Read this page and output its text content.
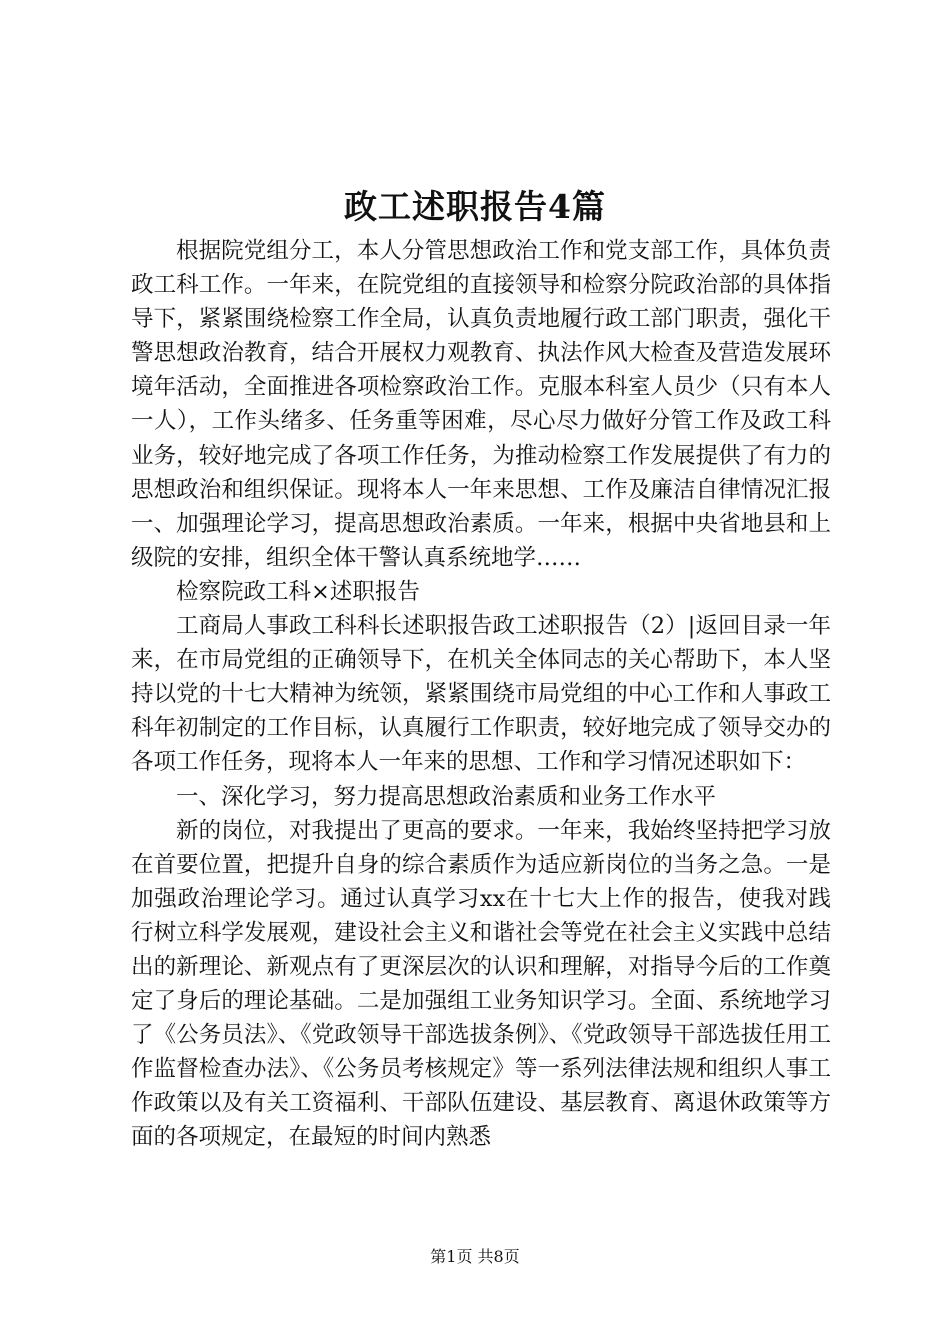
政工述职报告4篇

根据院党组分工，本人分管思想政治工作和党支部工作，具体负责政工科工作。一年来，在院党组的直接领导和检察分院政治部的具体指导下，紧紧围绕检察工作全局，认真负责地履行政工部门职责，强化干警思想政治教育，结合开展权力观教育、执法作风大检查及营造发展环境年活动，全面推进各项检察政治工作。克服本科室人员少（只有本人一人），工作头绪多、任务重等困难，尽心尽力做好分管工作及政工科业务，较好地完成了各项工作任务，为推动检察工作发展提供了有力的思想政治和组织保证。现将本人一年来思想、工作及廉洁自律情况汇报一、加强理论学习，提高思想政治素质。一年来，根据中央省地县和上级院的安排，组织全体干警认真系统地学……

检察院政工科×述职报告

工商局人事政工科科长述职报告政工述职报告（2）|返回目录一年来，在市局党组的正确领导下，在机关全体同志的关心帮助下，本人坚持以党的十七大精神为统领，紧紧围绕市局党组的中心工作和人事政工科年初制定的工作目标，认真履行工作职责，较好地完成了领导交办的各项工作任务，现将本人一年来的思想、工作和学习情况述职如下：

一、深化学习，努力提高思想政治素质和业务工作水平

新的岗位，对我提出了更高的要求。一年来，我始终坚持把学习放在首要位置，把提升自身的综合素质作为适应新岗位的当务之急。一是加强政治理论学习。通过认真学习xx在十七大上作的报告，使我对践行树立科学发展观，建设社会主义和谐社会等党在社会主义实践中总结出的新理论、新观点有了更深层次的认识和理解，对指导今后的工作奠定了身后的理论基础。二是加强组工业务知识学习。全面、系统地学习了《公务员法》、《党政领导干部选拔条例》、《党政领导干部选拔任用工作监督检查办法》、《公务员考核规定》等一系列法律法规和组织人事工作政策以及有关工资福利、干部队伍建设、基层教育、离退休政策等方面的各项规定，在最短的时间内熟悉

第1页 共8页
